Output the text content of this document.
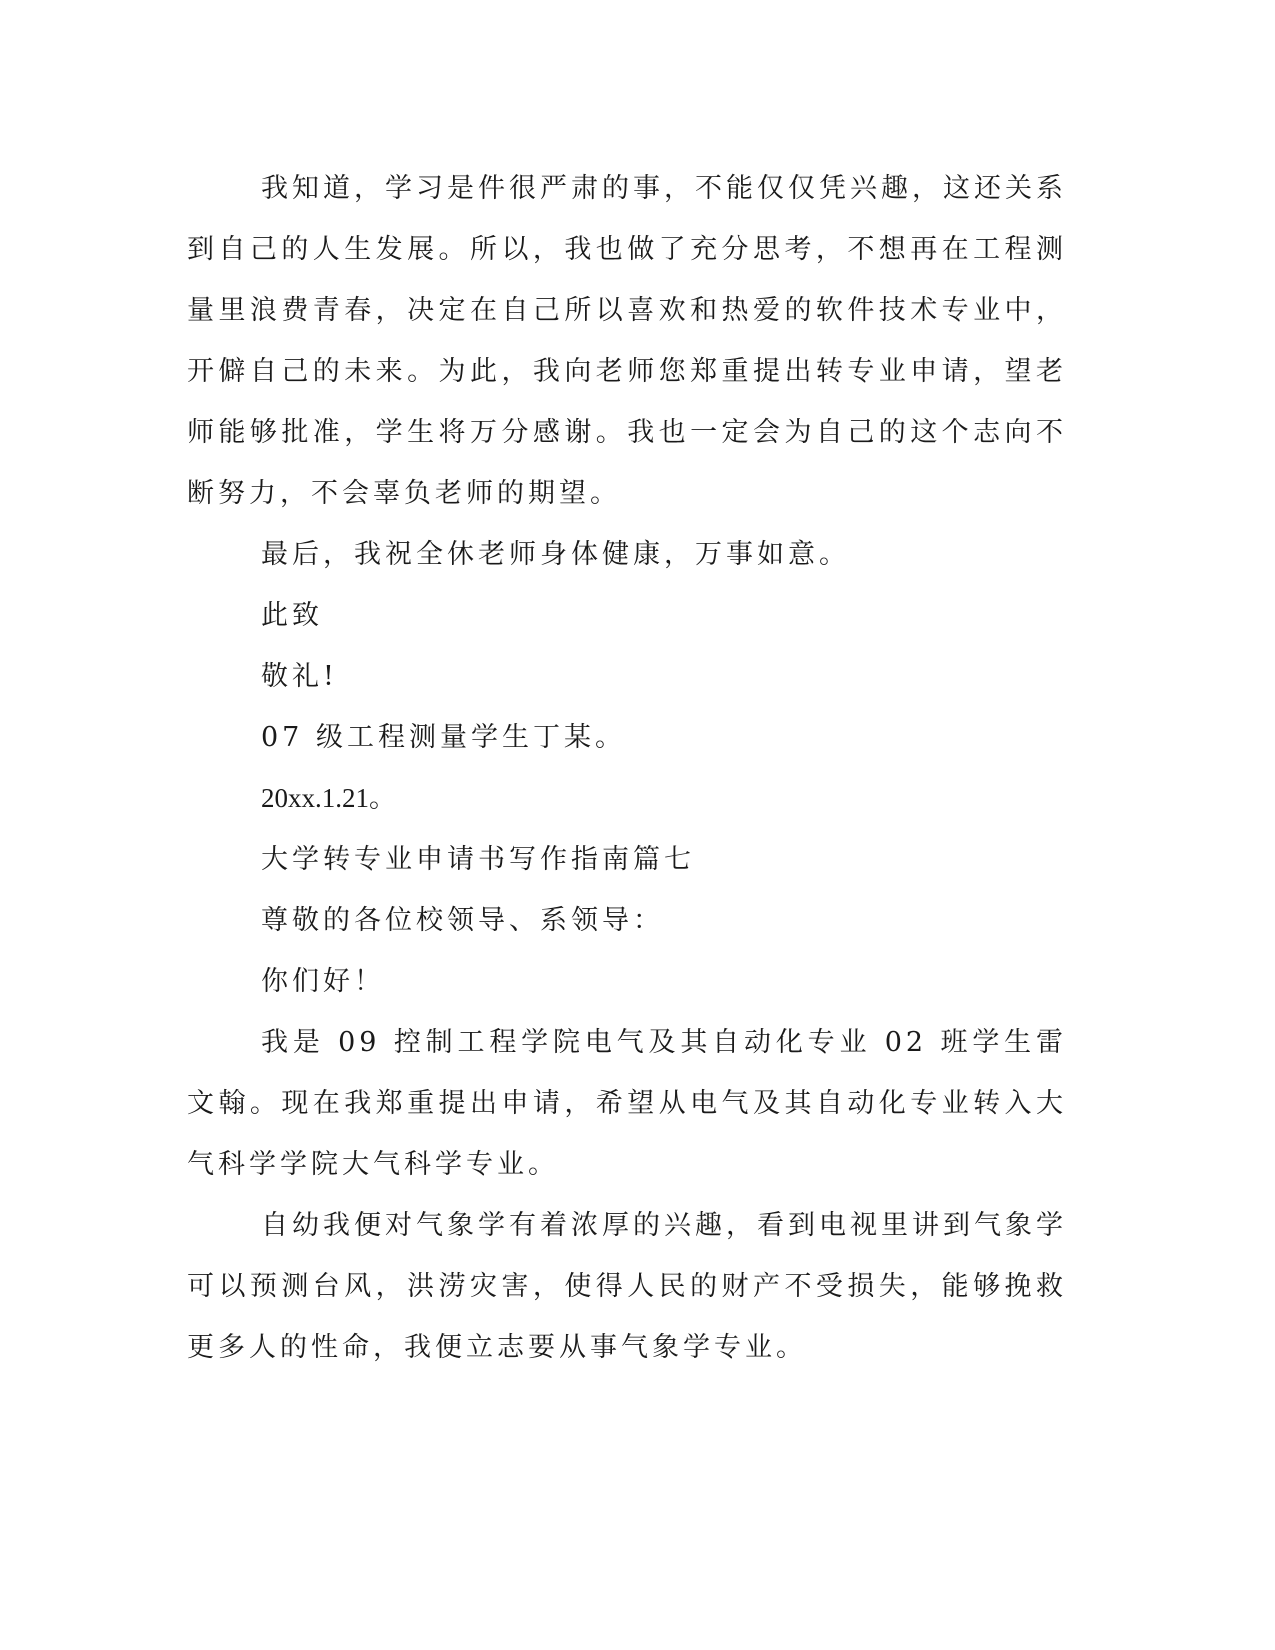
我知道，学习是件很严肃的事，不能仅仅凭兴趣，这还关系到自己的人生发展。所以，我也做了充分思考，不想再在工程测量里浪费青春，决定在自己所以喜欢和热爱的软件技术专业中，开僻自己的未来。为此，我向老师您郑重提出转专业申请，望老师能够批准，学生将万分感谢。我也一定会为自己的这个志向不断努力，不会辜负老师的期望。

最后，我祝全休老师身体健康，万事如意。

此致

敬礼!

07 级工程测量学生丁某。

20xx.1.21。

大学转专业申请书写作指南篇七

尊敬的各位校领导、系领导：

你们好！

我是 09 控制工程学院电气及其自动化专业 02 班学生雷文翰。现在我郑重提出申请，希望从电气及其自动化专业转入大气科学学院大气科学专业。

自幼我便对气象学有着浓厚的兴趣，看到电视里讲到气象学可以预测台风，洪涝灾害，使得人民的财产不受损失，能够挽救更多人的性命，我便立志要从事气象学专业。
